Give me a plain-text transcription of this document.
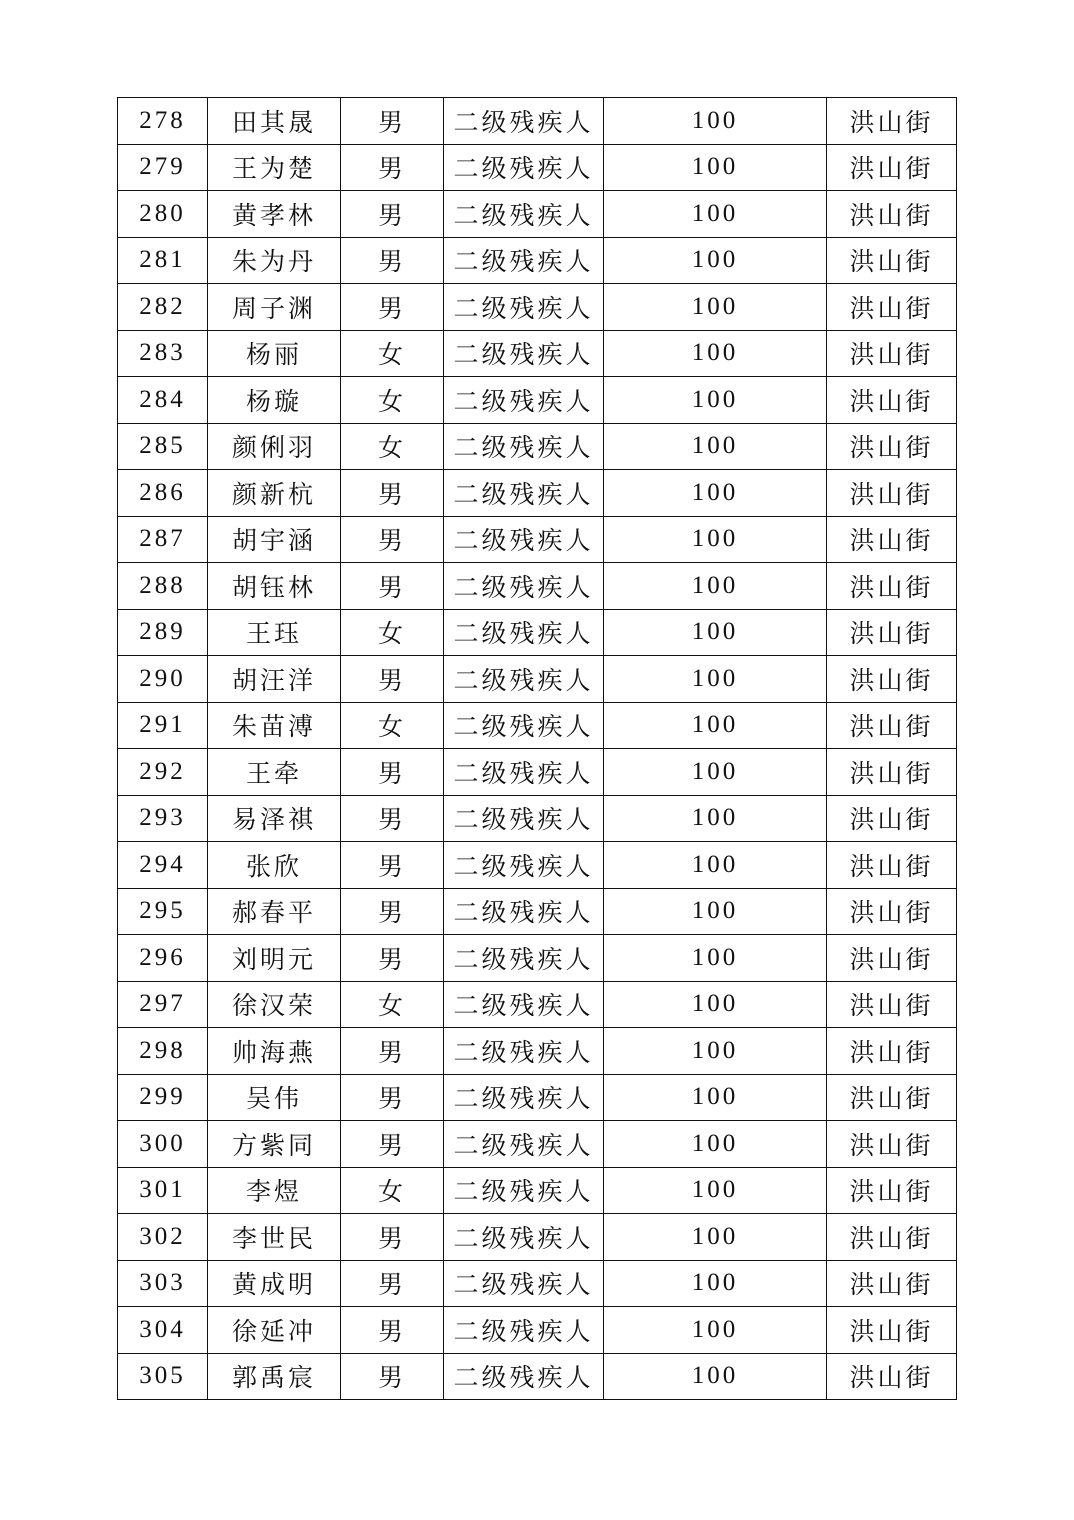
278	田其晟	男	二级残疾人	100	洪山街
279	王为楚	男	二级残疾人	100	洪山街
280	黄孝林	男	二级残疾人	100	洪山街
281	朱为丹	男	二级残疾人	100	洪山街
282	周子渊	男	二级残疾人	100	洪山街
283	杨丽	女	二级残疾人	100	洪山街
284	杨璇	女	二级残疾人	100	洪山街
285	颜俐羽	女	二级残疾人	100	洪山街
286	颜新杭	男	二级残疾人	100	洪山街
287	胡宇涵	男	二级残疾人	100	洪山街
288	胡钰林	男	二级残疾人	100	洪山街
289	王珏	女	二级残疾人	100	洪山街
290	胡汪洋	男	二级残疾人	100	洪山街
291	朱苗溥	女	二级残疾人	100	洪山街
292	王牵	男	二级残疾人	100	洪山街
293	易泽祺	男	二级残疾人	100	洪山街
294	张欣	男	二级残疾人	100	洪山街
295	郝春平	男	二级残疾人	100	洪山街
296	刘明元	男	二级残疾人	100	洪山街
297	徐汉荣	女	二级残疾人	100	洪山街
298	帅海燕	男	二级残疾人	100	洪山街
299	吴伟	男	二级残疾人	100	洪山街
300	方紫同	男	二级残疾人	100	洪山街
301	李煜	女	二级残疾人	100	洪山街
302	李世民	男	二级残疾人	100	洪山街
303	黄成明	男	二级残疾人	100	洪山街
304	徐延冲	男	二级残疾人	100	洪山街
305	郭禹宸	男	二级残疾人	100	洪山街
